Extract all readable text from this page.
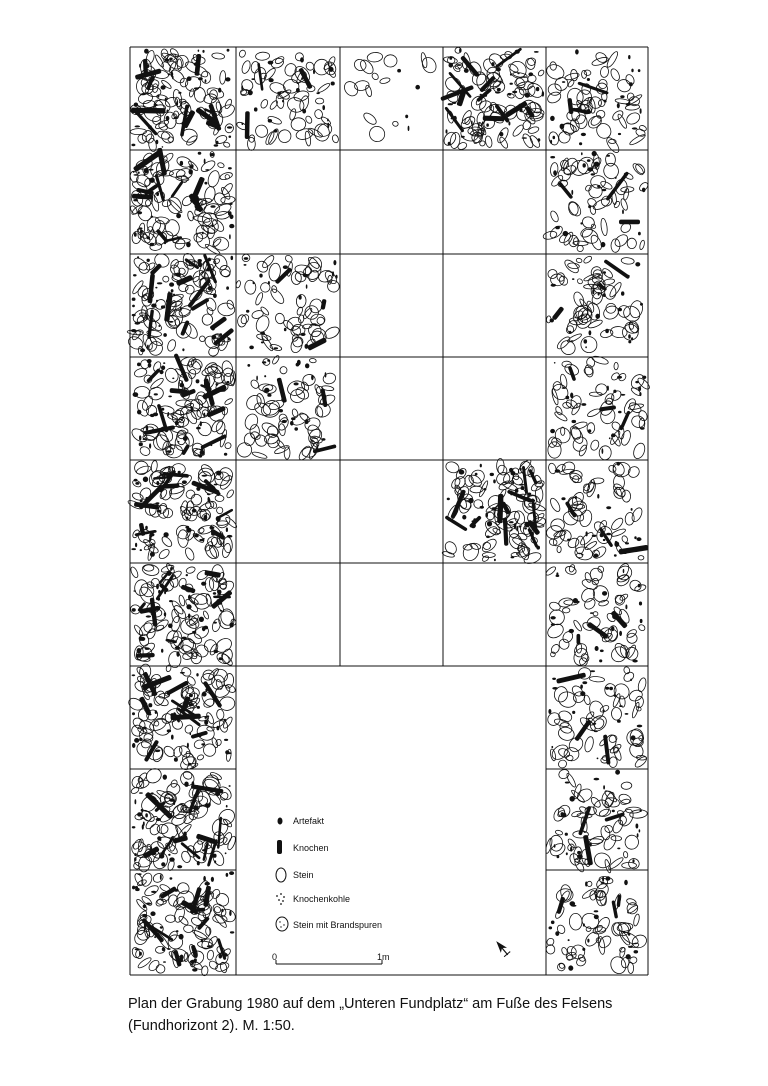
Artefakt
Knochen
Stein
Knochenkohle
Stein mit Brandspuren
0	1m
Plan der Grabung 1980 auf dem „Unteren Fundplatz“ am Fuße des Felsens
(Fundhorizont 2). M. 1:50.
